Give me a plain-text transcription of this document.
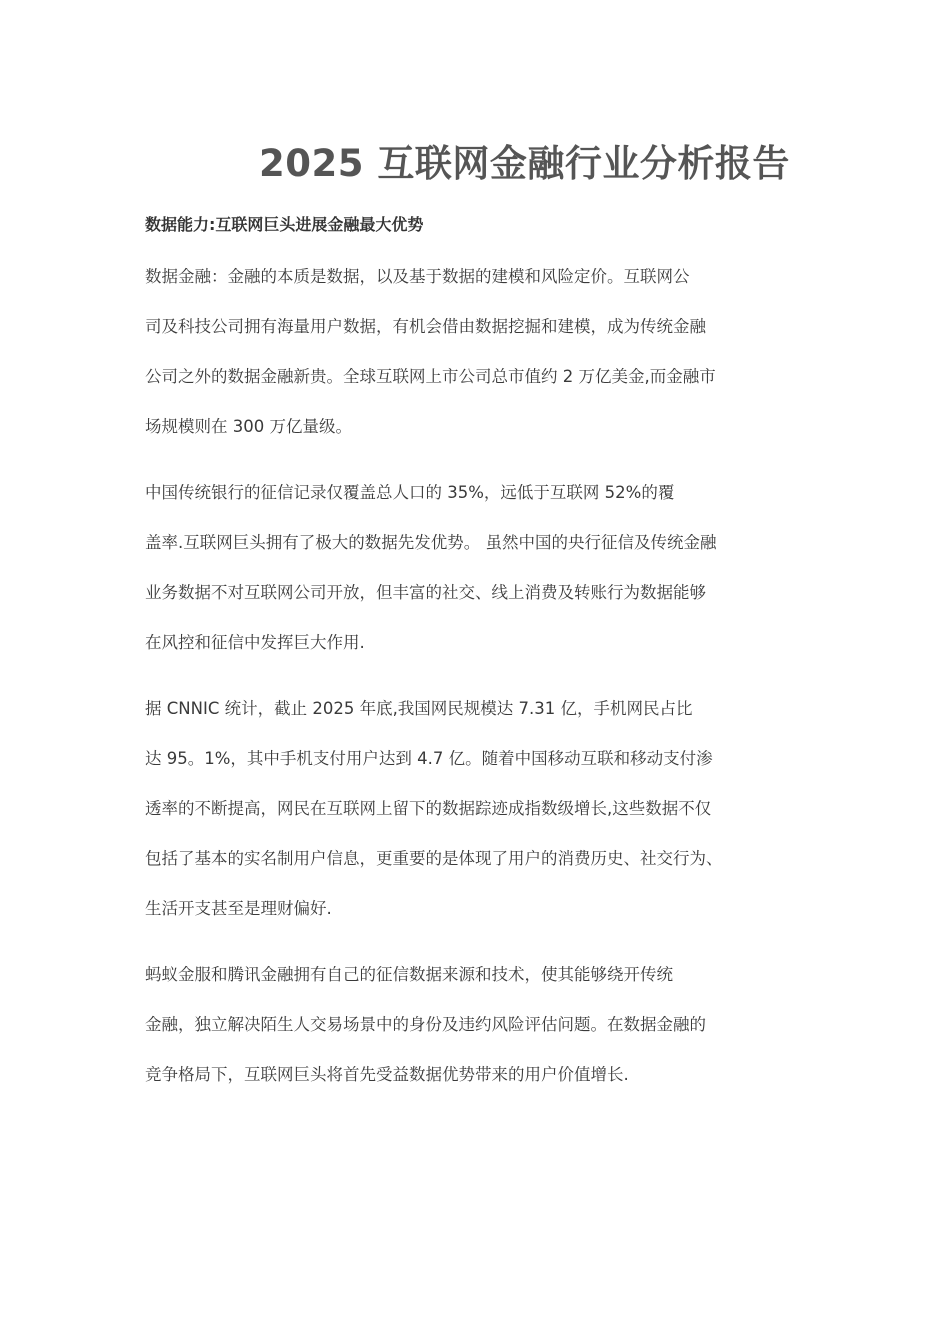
2025 互联网金融行业分析报告
数据能力:互联网巨头进展金融最大优势

数据金融：金融的本质是数据，以及基于数据的建模和风险定价。互联网公
司及科技公司拥有海量用户数据，有机会借由数据挖掘和建模，成为传统金融
公司之外的数据金融新贵。全球互联网上市公司总市值约 2 万亿美金,而金融市
场规模则在 300 万亿量级。

中国传统银行的征信记录仅覆盖总人口的 35%，远低于互联网 52%的覆
盖率.互联网巨头拥有了极大的数据先发优势。 虽然中国的央行征信及传统金融
业务数据不对互联网公司开放，但丰富的社交、线上消费及转账行为数据能够
在风控和征信中发挥巨大作用.

据 CNNIC 统计，截止 2025 年底,我国网民规模达 7.31 亿，手机网民占比
达 95。1%，其中手机支付用户达到 4.7 亿。随着中国移动互联和移动支付渗
透率的不断提高，网民在互联网上留下的数据踪迹成指数级增长,这些数据不仅
包括了基本的实名制用户信息，更重要的是体现了用户的消费历史、社交行为、
生活开支甚至是理财偏好.

蚂蚁金服和腾讯金融拥有自己的征信数据来源和技术，使其能够绕开传统
金融，独立解决陌生人交易场景中的身份及违约风险评估问题。在数据金融的
竞争格局下，互联网巨头将首先受益数据优势带来的用户价值增长.
